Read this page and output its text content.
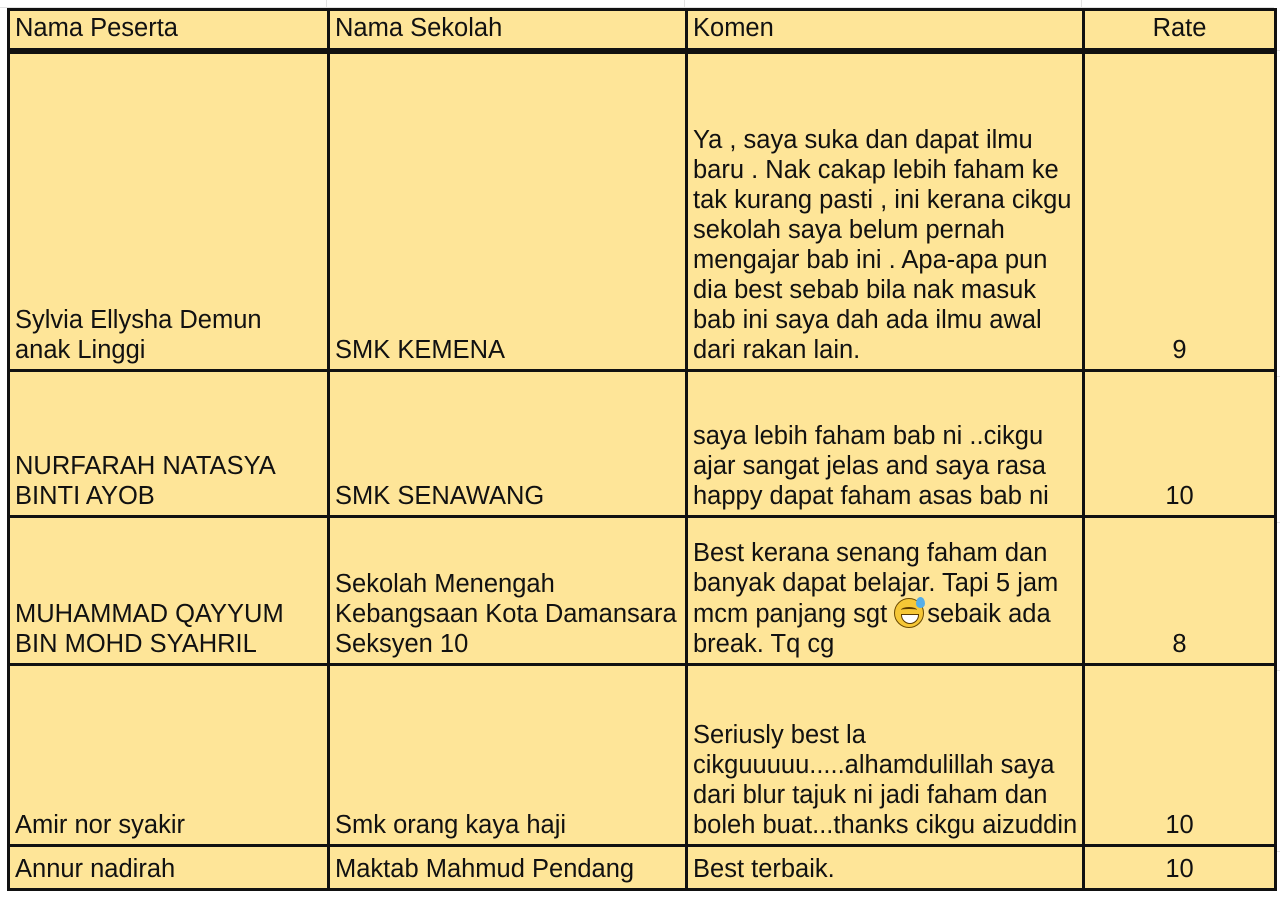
Nama Peserta	Nama Sekolah	Komen	Rate
Sylvia Ellysha Demun anak Linggi	SMK KEMENA	Ya , saya suka dan dapat ilmu baru . Nak cakap lebih faham ke tak kurang pasti , ini kerana cikgu sekolah saya belum pernah mengajar bab ini . Apa-apa pun dia best sebab bila nak masuk bab ini saya dah ada ilmu awal dari rakan lain.	9
NURFARAH NATASYA BINTI AYOB	SMK SENAWANG	saya lebih faham bab ni ..cikgu ajar sangat jelas and saya rasa happy dapat faham asas bab ni	10
MUHAMMAD QAYYUM BIN MOHD SYAHRIL	Sekolah Menengah Kebangsaan Kota Damansara Seksyen 10	Best kerana senang faham dan banyak dapat belajar. Tapi 5 jam mcm panjang sgt sebaik ada break. Tq cg	8
Amir nor syakir	Smk orang kaya haji	Seriusly best la cikguuuuu.....alhamdulillah saya dari blur tajuk ni jadi faham dan boleh buat...thanks cikgu aizuddin	10
Annur nadirah	Maktab Mahmud Pendang	Best terbaik.	10
